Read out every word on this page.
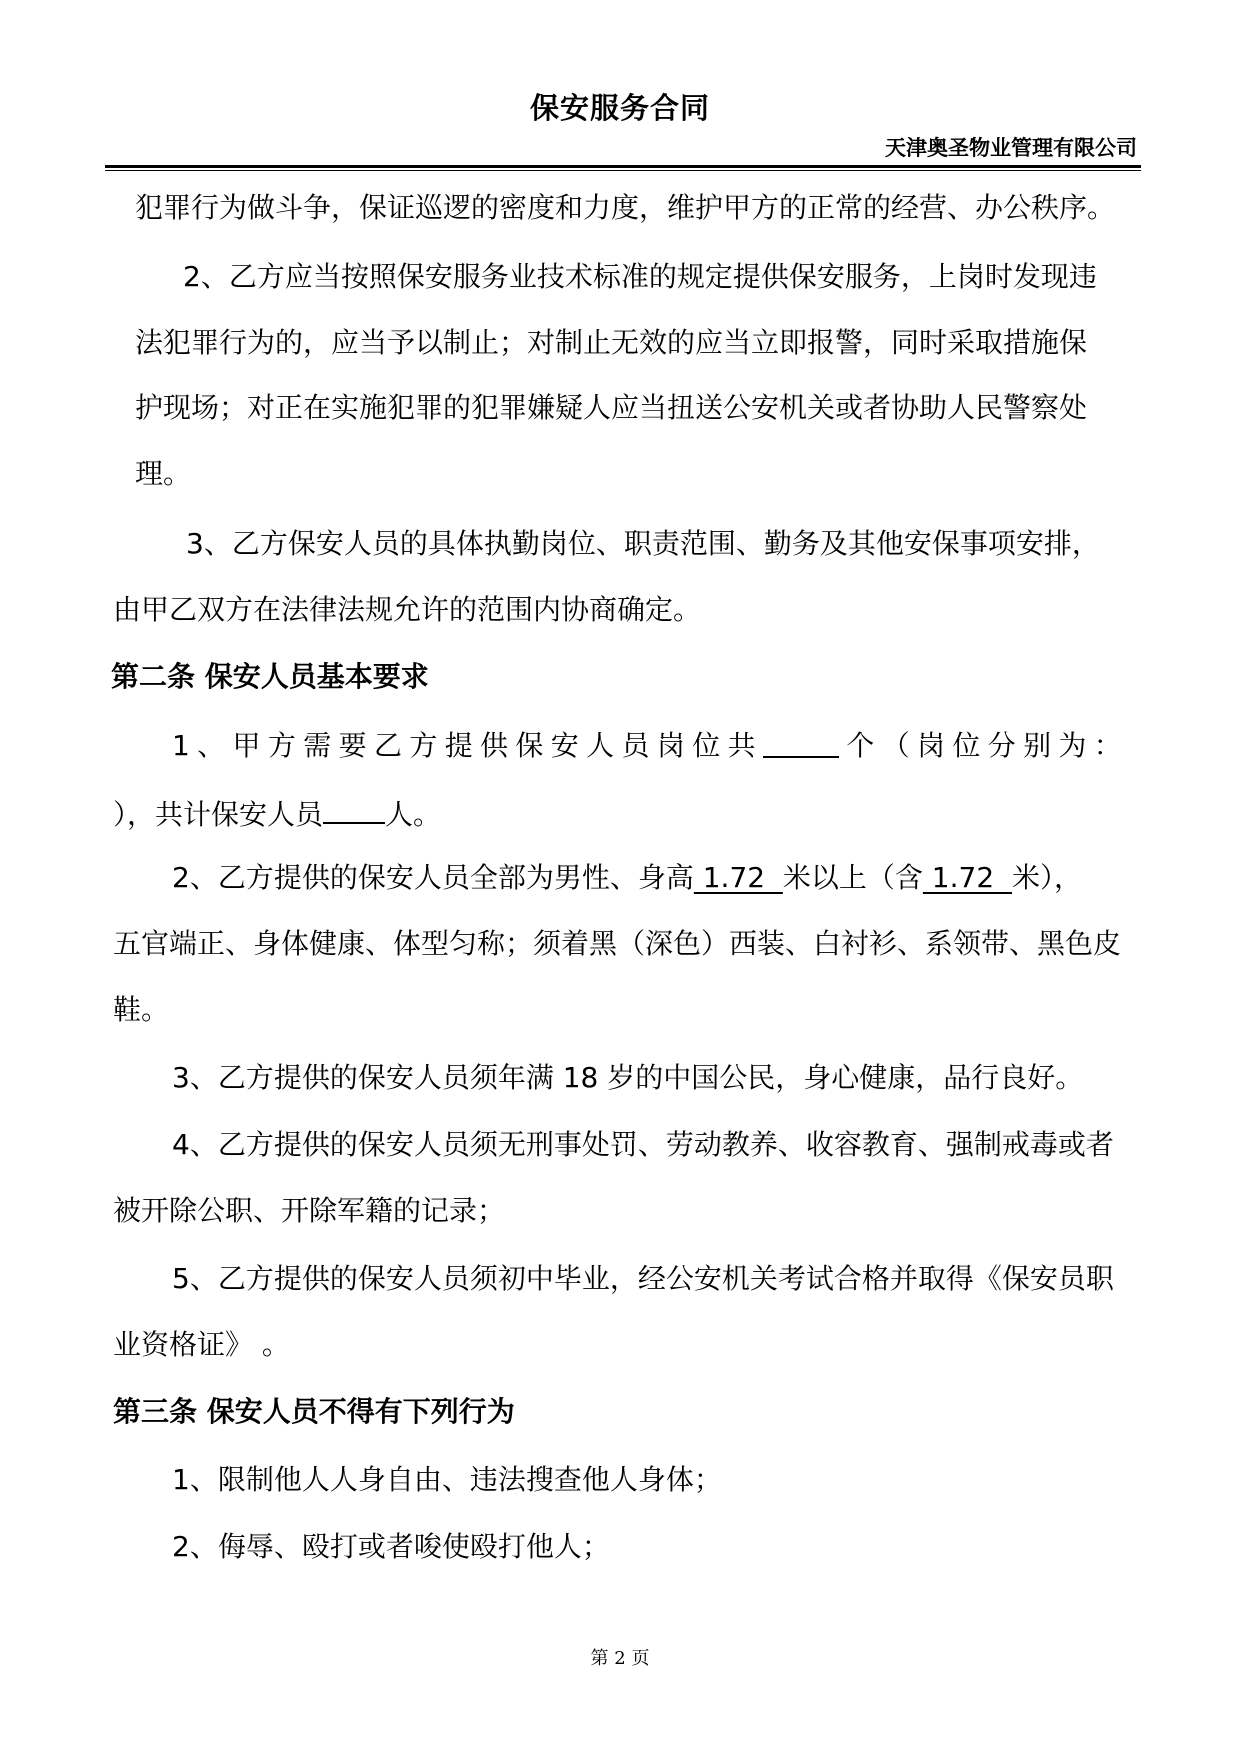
保安服务合同
天津奥圣物业管理有限公司
犯罪行为做斗争，保证巡逻的密度和力度，维护甲方的正常的经营、办公秩序。
2、乙方应当按照保安服务业技术标准的规定提供保安服务，上岗时发现违
法犯罪行为的，应当予以制止；对制止无效的应当立即报警，同时采取措施保
护现场；对正在实施犯罪的犯罪嫌疑人应当扭送公安机关或者协助人民警察处
理。
3、乙方保安人员的具体执勤岗位、职责范围、勤务及其他安保事项安排，
由甲乙双方在法律法规允许的范围内协商确定。
第二条 保安人员基本要求
1 、 甲 方 需 要 乙 方 提 供 保 安 人 员 岗 位 共	个 （ 岗 位 分 别 为 ：
），共计保安人员 人。
2、乙方提供的保安人员全部为男性、身高 1.72  米以上（含 1.72  米），
五官端正、身体健康、体型匀称；须着黑（深色）西装、白衬衫、系领带、黑色皮
鞋。
3、乙方提供的保安人员须年满 18 岁的中国公民，身心健康，品行良好。
4、乙方提供的保安人员须无刑事处罚、劳动教养、收容教育、强制戒毒或者
被开除公职、开除军籍的记录；
5、乙方提供的保安人员须初中毕业，经公安机关考试合格并取得《保安员职
业资格证》 。
第三条 保安人员不得有下列行为
1、限制他人人身自由、违法搜查他人身体；
2、侮辱、殴打或者唆使殴打他人；
第 2 页
